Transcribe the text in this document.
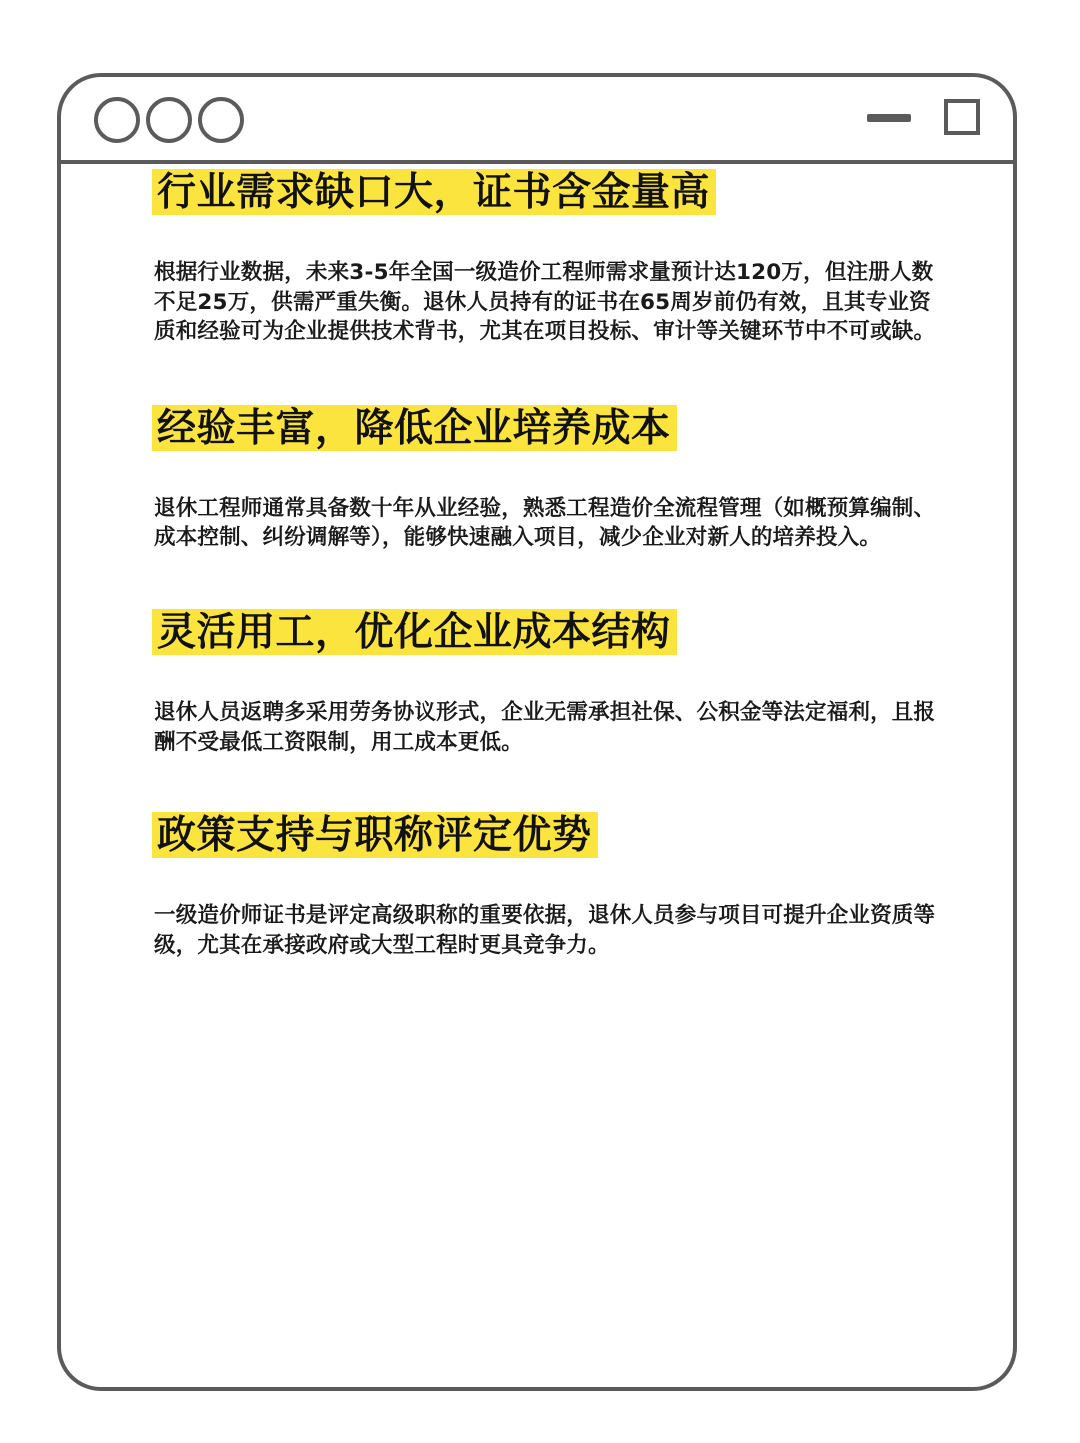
行业需求缺口大，证书含金量高

根据行业数据，未来3-5年全国一级造价工程师需求量预计达120万，但注册人数不足25万，供需严重失衡。退休人员持有的证书在65周岁前仍有效，且其专业资质和经验可为企业提供技术背书，尤其在项目投标、审计等关键环节中不可或缺。

经验丰富，降低企业培养成本

退休工程师通常具备数十年从业经验，熟悉工程造价全流程管理（如概预算编制、成本控制、纠纷调解等），能够快速融入项目，减少企业对新人的培养投入。

灵活用工，优化企业成本结构

退休人员返聘多采用劳务协议形式，企业无需承担社保、公积金等法定福利，且报酬不受最低工资限制，用工成本更低。

政策支持与职称评定优势

一级造价师证书是评定高级职称的重要依据，退休人员参与项目可提升企业资质等级，尤其在承接政府或大型工程时更具竞争力。
